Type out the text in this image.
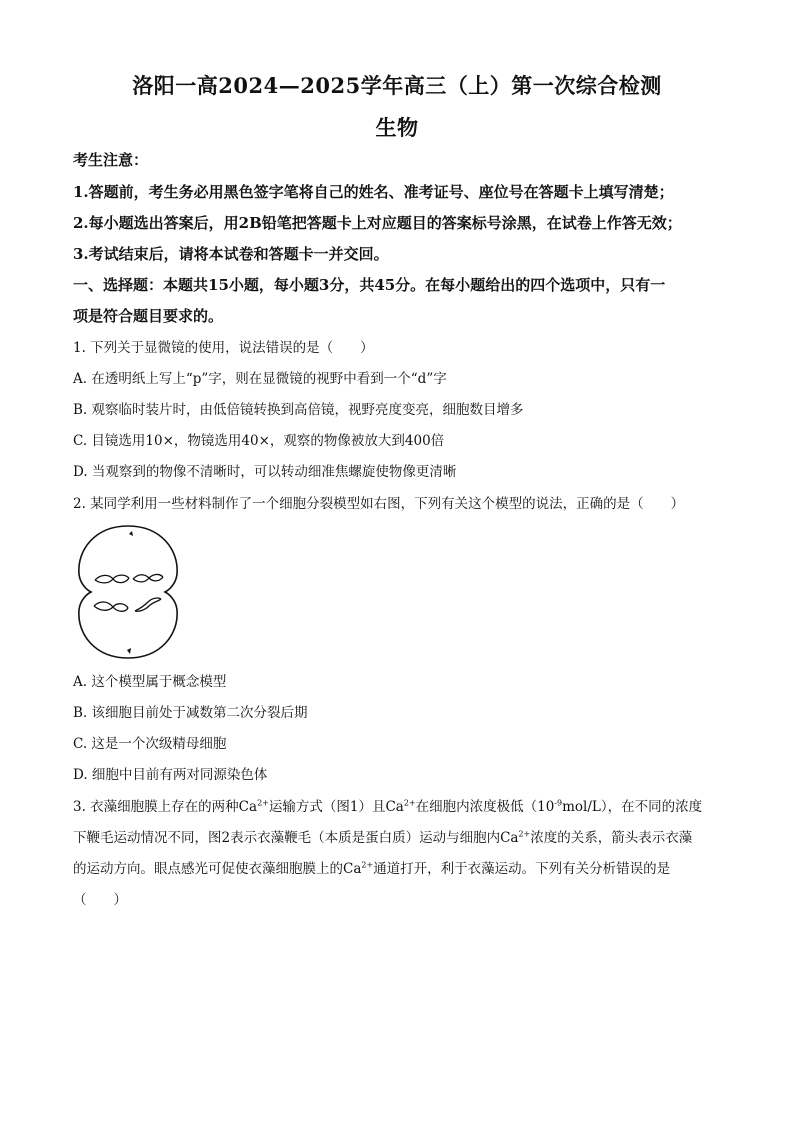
洛阳一高2024—2025学年高三（上）第一次综合检测
生物
考生注意：
1.答题前，考生务必用黑色签字笔将自己的姓名、准考证号、座位号在答题卡上填写清楚；
2.每小题选出答案后，用2B铅笔把答题卡上对应题目的答案标号涂黑，在试卷上作答无效；
3.考试结束后，请将本试卷和答题卡一并交回。
一、选择题：本题共15小题，每小题3分，共45分。在每小题给出的四个选项中，只有一
项是符合题目要求的。
1. 下列关于显微镜的使用，说法错误的是（　　）
A. 在透明纸上写上“p”字，则在显微镜的视野中看到一个“d”字
B. 观察临时装片时，由低倍镜转换到高倍镜，视野亮度变亮，细胞数目增多
C. 目镜选用10×，物镜选用40×，观察的物像被放大到400倍
D. 当观察到的物像不清晰时，可以转动细准焦螺旋使物像更清晰
2. 某同学利用一些材料制作了一个细胞分裂模型如右图，下列有关这个模型的说法，正确的是（　　）
A. 这个模型属于概念模型
B. 该细胞目前处于减数第二次分裂后期
C. 这是一个次级精母细胞
D. 细胞中目前有两对同源染色体
3. 衣藻细胞膜上存在的两种$Ca^{2+}$运输方式（图1）且$Ca^{2+}$在细胞内浓度极低$(10^{-9}mol/L)$，在不同的浓度
下鞭毛运动情况不同，图2表示衣藻鞭毛（本质是蛋白质）运动与细胞内$Ca^{2+}$浓度的关系，箭头表示衣藻
的运动方向。眼点感光可促使衣藻细胞膜上的$Ca^{2+}$通道打开，利于衣藻运动。下列有关分析错误的是
（　　）
